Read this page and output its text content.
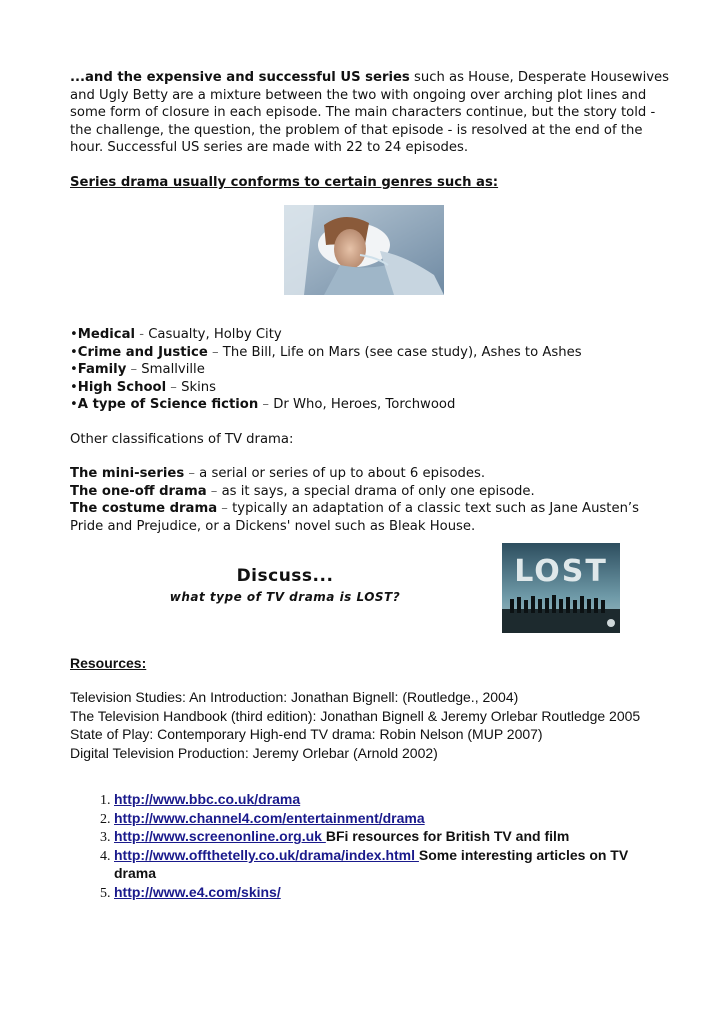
...and the expensive and successful US series such as House, Desperate Housewives and Ugly Betty are a mixture between the two with ongoing over arching plot lines and some form of closure in each episode. The main characters continue, but the story told - the challenge, the question, the problem of that episode - is resolved at the end of the hour. Successful US series are made with 22 to 24 episodes.

Series drama usually conforms to certain genres such as:

•Medical - Casualty, Holby City
•Crime and Justice – The Bill, Life on Mars (see case study), Ashes to Ashes
•Family – Smallville
•High School – Skins
•A type of Science fiction – Dr Who, Heroes, Torchwood

Other classifications of TV drama:

The mini-series – a serial or series of up to about 6 episodes.
The one-off drama – as it says, a special drama of only one episode.
The costume drama – typically an adaptation of a classic text such as Jane Austen’s Pride and Prejudice, or a Dickens' novel such as Bleak House.
Discuss...
what type of TV drama is LOST?
LOST

Resources:

Television Studies: An Introduction: Jonathan Bignell: (Routledge., 2004)
The Television Handbook (third edition): Jonathan Bignell & Jeremy Orlebar Routledge 2005
State of Play: Contemporary High-end TV drama: Robin Nelson (MUP 2007)
Digital Television Production: Jeremy Orlebar (Arnold 2002)
1. http://www.bbc.co.uk/drama
2. http://www.channel4.com/entertainment/drama
3. http://www.screenonline.org.uk BFi resources for British TV and film
4. http://www.offthetelly.co.uk/drama/index.html Some interesting articles on TV drama
5. http://www.e4.com/skins/
